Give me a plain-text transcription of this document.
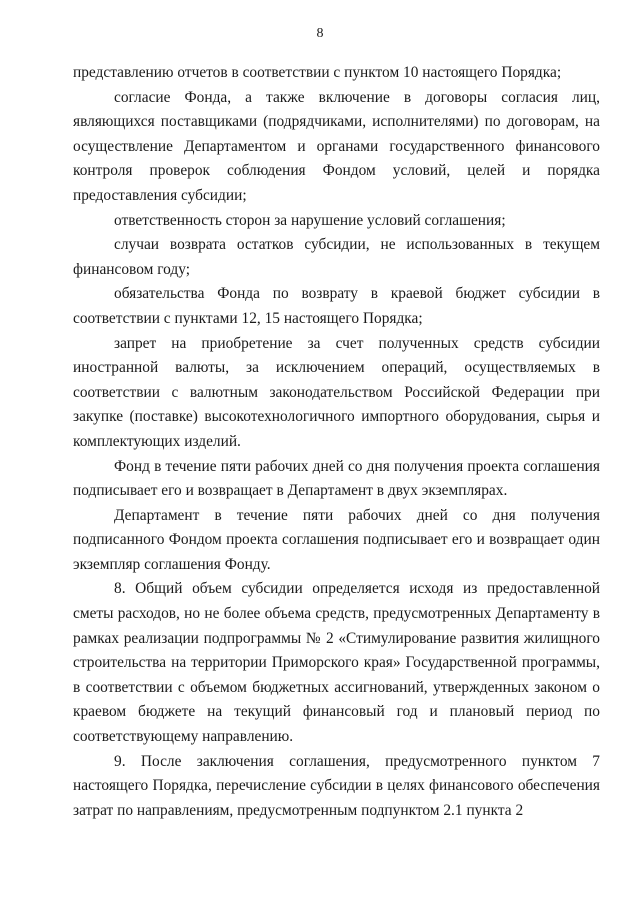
8

представлению отчетов в соответствии с пунктом 10 настоящего Порядка;

согласие Фонда, а также включение в договоры согласия лиц, являющихся поставщиками (подрядчиками, исполнителями) по договорам, на осуществление Департаментом и органами государственного финансового контроля проверок соблюдения Фондом условий, целей и порядка предоставления субсидии;

ответственность сторон за нарушение условий соглашения;

случаи возврата остатков субсидии, не использованных в текущем финансовом году;

обязательства Фонда по возврату в краевой бюджет субсидии в соответствии с пунктами 12, 15 настоящего Порядка;

запрет на приобретение за счет полученных средств субсидии иностранной валюты, за исключением операций, осуществляемых в соответствии с валютным законодательством Российской Федерации при закупке (поставке) высокотехнологичного импортного оборудования, сырья и комплектующих изделий.

Фонд в течение пяти рабочих дней со дня получения проекта соглашения подписывает его и возвращает в Департамент в двух экземплярах.

Департамент в течение пяти рабочих дней со дня получения подписанного Фондом проекта соглашения подписывает его и возвращает один экземпляр соглашения Фонду.

8. Общий объем субсидии определяется исходя из предоставленной сметы расходов, но не более объема средств, предусмотренных Департаменту в рамках реализации подпрограммы № 2 «Стимулирование развития жилищного строительства на территории Приморского края» Государственной программы, в соответствии с объемом бюджетных ассигнований, утвержденных законом о краевом бюджете на текущий финансовый год и плановый период по соответствующему направлению.

9. После заключения соглашения, предусмотренного пунктом 7 настоящего Порядка, перечисление субсидии в целях финансового обеспечения затрат по направлениям, предусмотренным подпунктом 2.1 пункта 2
